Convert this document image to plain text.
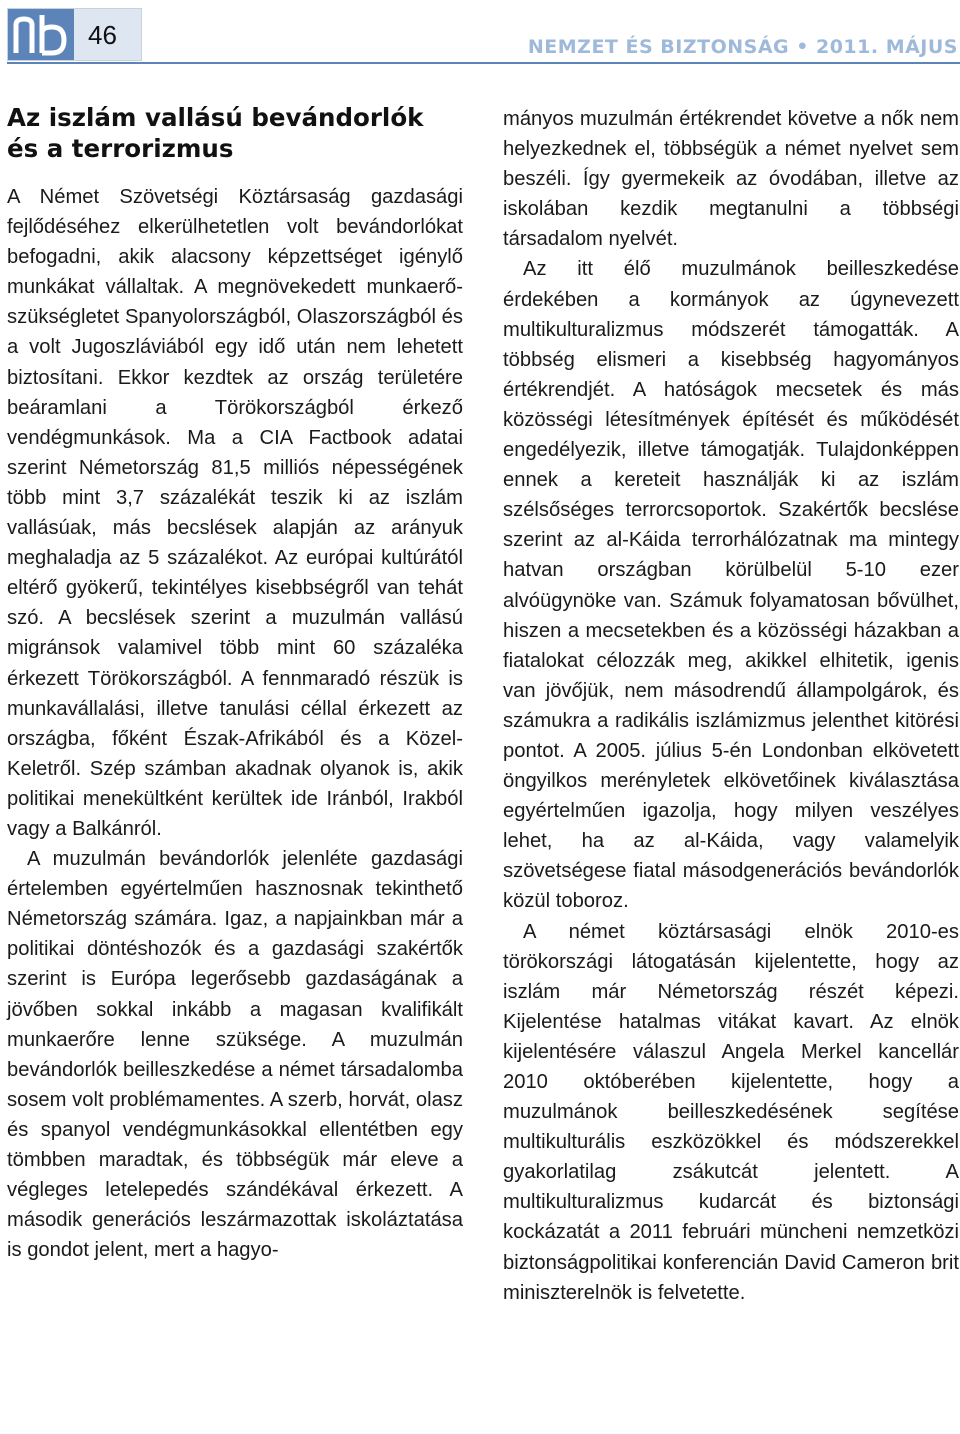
46	NEMZET ÉS BIZTONSÁG • 2011. MÁJUS
Az iszlám vallású bevándorlók és a terrorizmus

A Német Szövetségi Köztársaság gazdasági fejlődéséhez elkerülhetetlen volt bevándorlókat befogadni, akik alacsony képzettséget igénylő munkákat vállaltak. A megnövekedett munkaerő-szükségletet Spanyolországból, Olaszországból és a volt Jugoszláviából egy idő után nem lehetett biztosítani. Ekkor kezdtek az ország területére beáramlani a Törökországból érkező vendégmunkások. Ma a CIA Factbook adatai szerint Németország 81,5 milliós népességének több mint 3,7 százalékát teszik ki az iszlám vallásúak, más becslések alapján az arányuk meghaladja az 5 százalékot. Az európai kultúrától eltérő gyökerű, tekintélyes kisebbségről van tehát szó. A becslések szerint a muzulmán vallású migránsok valamivel több mint 60 százaléka érkezett Törökországból. A fennmaradó részük is munkavállalási, illetve tanulási céllal érkezett az országba, főként Észak-Afrikából és a Közel-Keletről. Szép számban akadnak olyanok is, akik politikai menekültként kerültek ide Iránból, Irakból vagy a Balkánról.

A muzulmán bevándorlók jelenléte gazdasági értelemben egyértelműen hasznosnak tekinthető Németország számára. Igaz, a napjainkban már a politikai döntéshozók és a gazdasági szakértők szerint is Európa legerősebb gazdaságának a jövőben sokkal inkább a magasan kvalifikált munkaerőre lenne szüksége. A muzulmán bevándorlók beilleszkedése a német társadalomba sosem volt problémamentes. A szerb, horvát, olasz és spanyol vendégmunkásokkal ellentétben egy tömbben maradtak, és többségük már eleve a végleges letelepedés szándékával érkezett. A második generációs leszármazottak iskoláztatása is gondot jelent, mert a hagyo-

mányos muzulmán értékrendet követve a nők nem helyezkednek el, többségük a német nyelvet sem beszéli. Így gyermekeik az óvodában, illetve az iskolában kezdik megtanulni a többségi társadalom nyelvét.

Az itt élő muzulmánok beilleszkedése érdekében a kormányok az úgynevezett multikulturalizmus módszerét támogatták. A többség elismeri a kisebbség hagyományos értékrendjét. A hatóságok mecsetek és más közösségi létesítmények építését és működését engedélyezik, illetve támogatják. Tulajdonképpen ennek a kereteit használják ki az iszlám szélsőséges terrorcsoportok. Szakértők becslése szerint az al-Káida terrorhálózatnak ma mintegy hatvan országban körülbelül 5-10 ezer alvóügynöke van. Számuk folyamatosan bővülhet, hiszen a mecsetekben és a közösségi házakban a fiatalokat célozzák meg, akikkel elhitetik, igenis van jövőjük, nem másodrendű állampolgárok, és számukra a radikális iszlámizmus jelenthet kitörési pontot. A 2005. július 5-én Londonban elkövetett öngyilkos merényletek elkövetőinek kiválasztása egyértelműen igazolja, hogy milyen veszélyes lehet, ha az al-Káida, vagy valamelyik szövetségese fiatal másodgenerációs bevándorlók közül toboroz.

A német köztársasági elnök 2010-es törökországi látogatásán kijelentette, hogy az iszlám már Németország részét képezi. Kijelentése hatalmas vitákat kavart. Az elnök kijelentésére válaszul Angela Merkel kancellár 2010 októberében kijelentette, hogy a muzulmánok beilleszkedésének segítése multikulturális eszközökkel és módszerekkel gyakorlatilag zsákutcát jelentett. A multikulturalizmus kudarcát és biztonsági kockázatát a 2011 februári müncheni nemzetközi biztonságpolitikai konferencián David Cameron brit miniszterelnök is felvetette.
